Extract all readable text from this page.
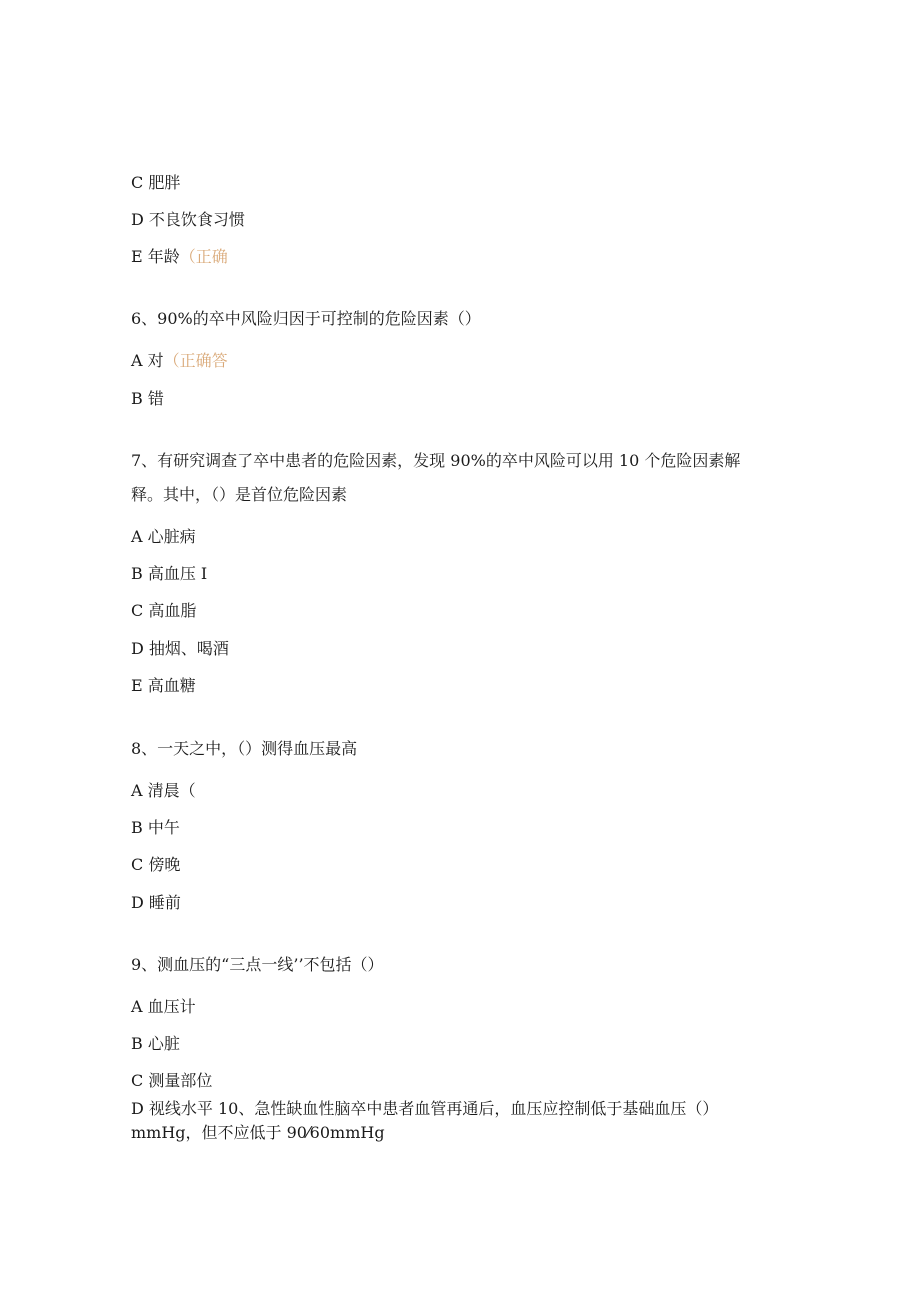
C 肥胖
D 不良饮食习惯
E 年龄（正确
6、90%的卒中风险归因于可控制的危险因素（）
A 对（正确答
B 错
7、有研究调查了卒中患者的危险因素，发现 90%的卒中风险可以用 10 个危险因素解
释。其中，（）是首位危险因素
A 心脏病
B 高血压 I
C 高血脂
D 抽烟、喝酒
E 高血糖
8、一天之中，（）测得血压最高
A 清晨（
B 中午
C 傍晚
D 睡前
9、测血压的“三点一线’’不包括（）
A 血压计
B 心脏
C 测量部位
D 视线水平 10、急性缺血性脑卒中患者血管再通后，血压应控制低于基础血压（）
mmHg，但不应低于 90⁄60mmHg
